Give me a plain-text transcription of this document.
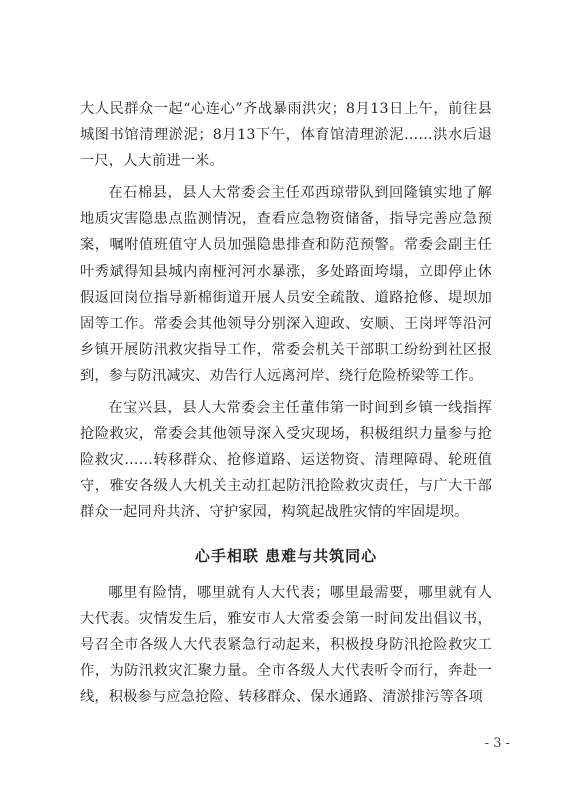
大人民群众一起“心连心”齐战暴雨洪灾；8月13日上午，前往县城图书馆清理淤泥；8月13下午，体育馆清理淤泥……洪水后退一尺，人大前进一米。

在石棉县，县人大常委会主任邓西琼带队到回隆镇实地了解地质灾害隐患点监测情况，查看应急物资储备，指导完善应急预案，嘱咐值班值守人员加强隐患排查和防范预警。常委会副主任叶秀斌得知县城内南桠河河水暴涨，多处路面垮塌，立即停止休假返回岗位指导新棉街道开展人员安全疏散、道路抢修、堤坝加固等工作。常委会其他领导分别深入迎政、安顺、王岗坪等沿河乡镇开展防汛救灾指导工作，常委会机关干部职工纷纷到社区报到，参与防汛减灾、劝告行人远离河岸、绕行危险桥梁等工作。

在宝兴县，县人大常委会主任董伟第一时间到乡镇一线指挥抢险救灾，常委会其他领导深入受灾现场，积极组织力量参与抢险救灾……转移群众、抢修道路、运送物资、清理障碍、轮班值守，雅安各级人大机关主动扛起防汛抢险救灾责任，与广大干部群众一起同舟共济、守护家园，构筑起战胜灾情的牢固堤坝。

心手相联 患难与共筑同心

哪里有险情，哪里就有人大代表；哪里最需要，哪里就有人大代表。灾情发生后，雅安市人大常委会第一时间发出倡议书，号召全市各级人大代表紧急行动起来，积极投身防汛抢险救灾工作，为防汛救灾汇聚力量。全市各级人大代表听令而行，奔赴一线，积极参与应急抢险、转移群众、保水通路、清淤排污等各项

- 3 -
